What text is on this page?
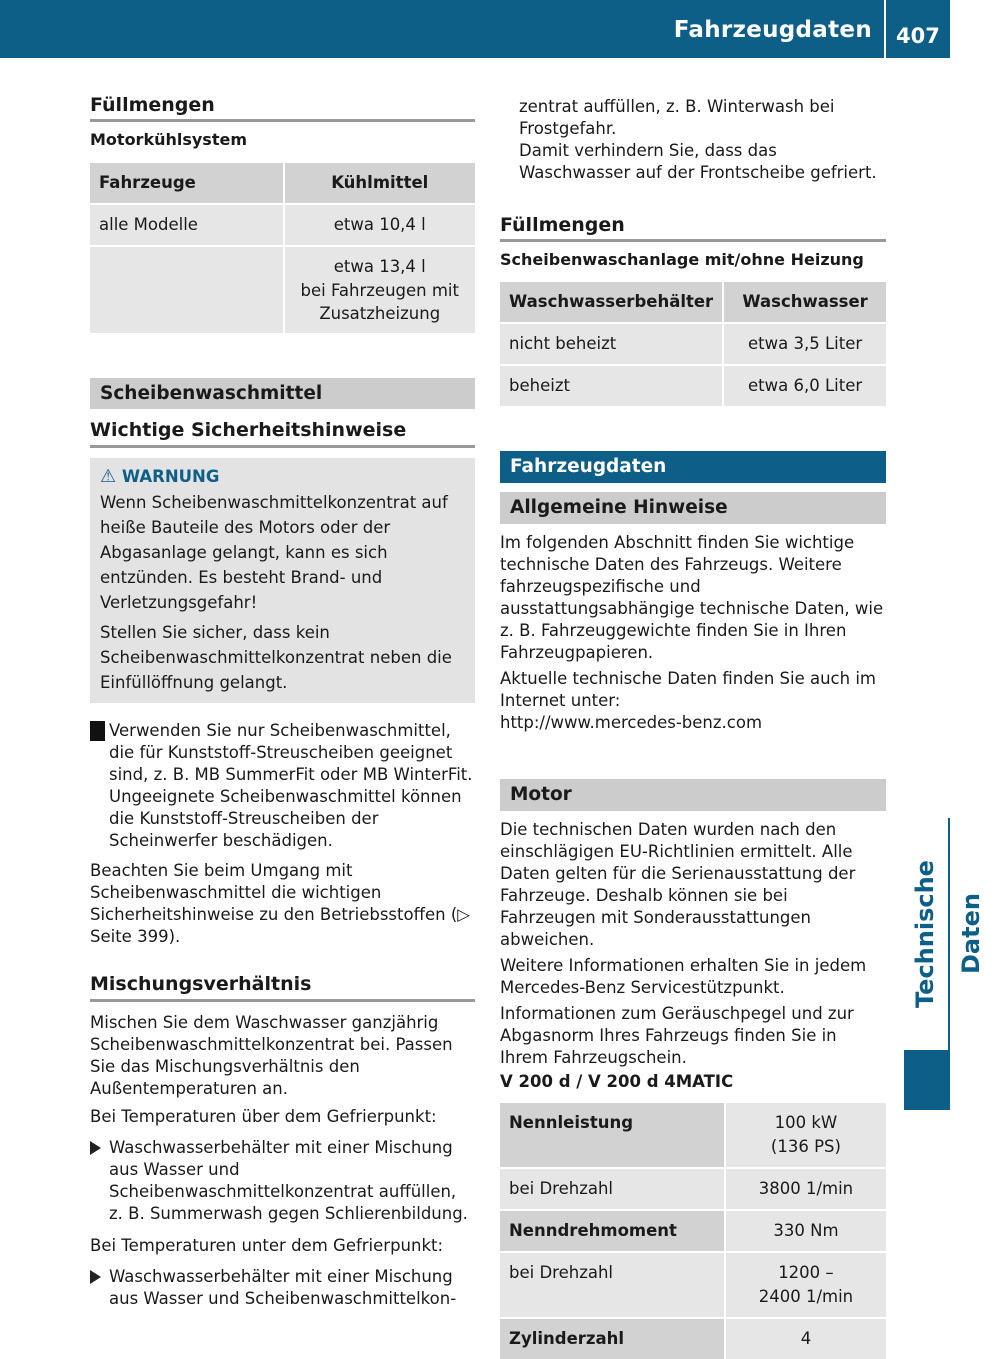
Fahrzeugdaten 407
Technische Daten
Füllmengen
Motorkühlsystem
Fahrzeuge	Kühlmittel
alle Modelle	etwa 10,4 l

	etwa 13,4 l
bei Fahrzeugen mit Zusatzheizung
Scheibenwaschmittel
Wichtige Sicherheitshinweise
⚠ WARNUNG
Wenn Scheibenwaschmittelkonzentrat auf heiße Bauteile des Motors oder der Abgasanlage gelangt, kann es sich entzünden. Es besteht Brand- und Verletzungsgefahr!
Stellen Sie sicher, dass kein Scheibenwaschmittelkonzentrat neben die Einfüllöffnung gelangt.
! Verwenden Sie nur Scheibenwaschmittel, die für Kunststoff-Streuscheiben geeignet sind, z. B. MB SummerFit oder MB WinterFit. Ungeeignete Scheibenwaschmittel können die Kunststoff-Streuscheiben der Scheinwerfer beschädigen.
Beachten Sie beim Umgang mit Scheibenwaschmittel die wichtigen Sicherheitshinweise zu den Betriebsstoffen (▷ Seite 399).
Mischungsverhältnis
Mischen Sie dem Waschwasser ganzjährig Scheibenwaschmittelkonzentrat bei. Passen Sie das Mischungsverhältnis den Außentemperaturen an.
Bei Temperaturen über dem Gefrierpunkt:
Waschwasserbehälter mit einer Mischung aus Wasser und Scheibenwaschmittelkonzentrat auffüllen, z. B. Summerwash gegen Schlierenbildung.
Bei Temperaturen unter dem Gefrierpunkt:
Waschwasserbehälter mit einer Mischung aus Wasser und Scheibenwaschmittelkon-
zentrat auffüllen, z. B. Winterwash bei Frostgefahr.
Damit verhindern Sie, dass das Waschwasser auf der Frontscheibe gefriert.
Füllmengen
Scheibenwaschanlage mit/ohne Heizung
Waschwasserbehälter	Waschwasser
nicht beheizt	etwa 3,5 Liter
beheizt	etwa 6,0 Liter
Fahrzeugdaten
Allgemeine Hinweise
Im folgenden Abschnitt finden Sie wichtige technische Daten des Fahrzeugs. Weitere fahrzeugspezifische und ausstattungsabhängige technische Daten, wie z. B. Fahrzeuggewichte finden Sie in Ihren Fahrzeugpapieren.
Aktuelle technische Daten finden Sie auch im Internet unter:
http://www.mercedes-benz.com
Motor
Die technischen Daten wurden nach den einschlägigen EU-Richtlinien ermittelt. Alle Daten gelten für die Serienausstattung der Fahrzeuge. Deshalb können sie bei Fahrzeugen mit Sonderausstattungen abweichen.
Weitere Informationen erhalten Sie in jedem Mercedes-Benz Servicestützpunkt.
Informationen zum Geräuschpegel und zur Abgasnorm Ihres Fahrzeugs finden Sie in Ihrem Fahrzeugschein.
V 200 d / V 200 d 4MATIC
Nennleistung	100 kW
(136 PS)

bei Drehzahl	3800 1/min
Nenndrehmoment	330 Nm
bei Drehzahl	1200 –
2400 1/min

Zylinderzahl	4
